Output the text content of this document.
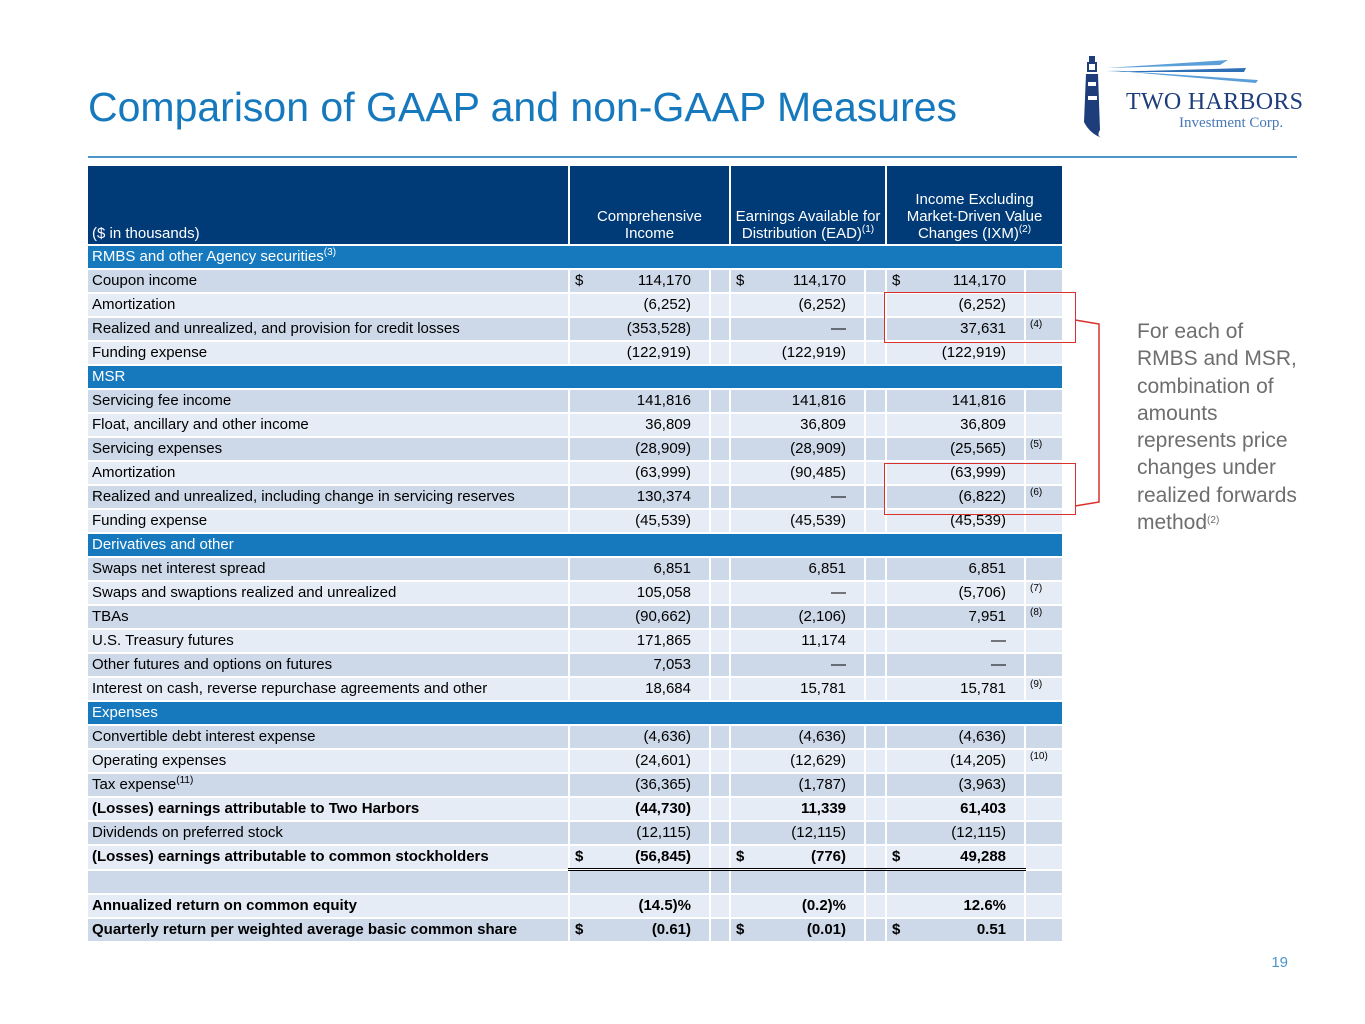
Comparison of GAAP and non-GAAP Measures	TWO HARBORS
Investment Corp.
($ in thousands)	Comprehensive Income		Earnings Available for Distribution (EAD)$^{(1)}$		Income Excluding Market-Driven Value Changes (IXM)$^{(2)}$
RMBS and other Agency securities$^{(3)}$
Coupon income	$ 114,170		$ 114,170		$ 114,170	
Amortization	(6,252)		(6,252)		(6,252)	
Realized and unrealized, and provision for credit losses	(353,528)		—		37,631	(4)
Funding expense	(122,919)		(122,919)		(122,919)	
MSR						
Servicing fee income	141,816		141,816		141,816	
Float, ancillary and other income	36,809		36,809		36,809	
Servicing expenses	(28,909)		(28,909)		(25,565)	(5)
Amortization	(63,999)		(90,485)		(63,999)	
Realized and unrealized, including change in servicing reserves	130,374		—		(6,822)	(6)
Funding expense	(45,539)		(45,539)		(45,539)	
Derivatives and other						
Swaps net interest spread	6,851		6,851		6,851	
Swaps and swaptions realized and unrealized	105,058		—		(5,706)	(7)
TBAs	(90,662)		(2,106)		7,951	(8)
U.S. Treasury futures	171,865		11,174		—	
Other futures and options on futures	7,053		—		—	
Interest on cash, reverse repurchase agreements and other	18,684		15,781		15,781	(9)
Expenses						
Convertible debt interest expense	(4,636)		(4,636)		(4,636)	
Operating expenses	(24,601)		(12,629)		(14,205)	(10)
Tax expense$^{(11)}$	(36,365)		(1,787)		(3,963)	
(Losses) earnings attributable to Two Harbors	(44,730)		11,339		61,403	
Dividends on preferred stock	(12,115)		(12,115)		(12,115)	
(Losses) earnings attributable to common stockholders	$ (56,845)		$ (776)		$ 49,288	

Annualized return on common equity	(14.5)%		(0.2)%		12.6%	
Quarterly return per weighted average basic common share	$ (0.61)		$ (0.01)		$ 0.51	
For each of RMBS and MSR, combination of amounts represents price changes under realized forwards method$^{(2)}$
19
